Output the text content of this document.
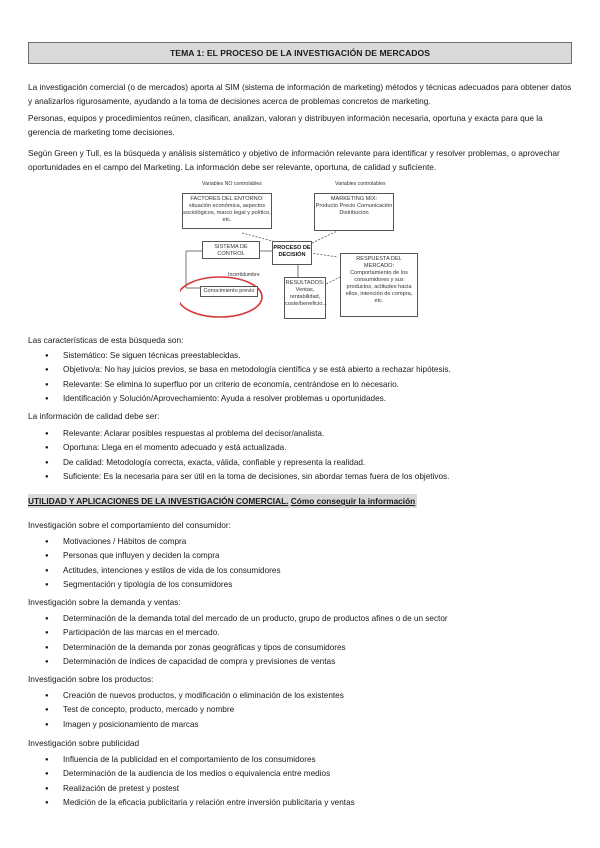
TEMA 1: EL PROCESO DE LA INVESTIGACIÓN DE MERCADOS
La investigación comercial (o de mercados) aporta al SIM (sistema de información de marketing) métodos y técnicas adecuados para obtener datos y analizarlos rigurosamente, ayudando a la toma de decisiones acerca de problemas concretos de marketing.
Personas, equipos y procedimientos reúnen, clasifican, analizan, valoran y distribuyen información necesaria, oportuna y exacta para que la gerencia de marketing tome decisiones.
Según Green y Tull, es la búsqueda y análisis sistemático y objetivo de información relevante para identificar y resolver problemas, o aprovechar oportunidades en el campo del Marketing. La información debe ser relevante, oportuna, de calidad y suficiente.
Variables NO controlables	Variables controlables
FACTORES DEL ENTORNO:
situación económica, aspectos sociológicos, marco legal y político, etc.
MARKETING MIX:
Producto Precio Comunicación Distribución
SISTEMA DE CONTROL
PROCESO DE DECISIÓN
RESPUESTA DEL MERCADO:
Comportamiento de los consumidores y sus productos, actitudes hacia ellos, intención de compra, etc.
Incertidumbre
Conocimiento previo
RESULTADOS:
Ventas, rentabilidad, coste/beneficio...
Las características de esta búsqueda son:
● Sistemático: Se siguen técnicas preestablecidas.
● Objetivo/a: No hay juicios previos, se basa en metodología científica y se está abierto a rechazar hipótesis.
● Relevante: Se elimina lo superfluo por un criterio de economía, centrándose en lo necesario.
● Identificación y Solución/Aprovechamiento: Ayuda a resolver problemas u oportunidades.
La información de calidad debe ser:
● Relevante: Aclarar posibles respuestas al problema del decisor/analista.
● Oportuna: Llega en el momento adecuado y está actualizada.
● De calidad: Metodología correcta, exacta, válida, confiable y representa la realidad.
● Suficiente: Es la necesaria para ser útil en la toma de decisiones, sin abordar temas fuera de los objetivos.
UTILIDAD Y APLICACIONES DE LA INVESTIGACIÓN COMERCIAL. Cómo conseguir la información
Investigación sobre el comportamiento del consumidor:
● Motivaciones / Hábitos de compra
● Personas que influyen y deciden la compra
● Actitudes, intenciones y estilos de vida de los consumidores
● Segmentación y tipología de los consumidores
Investigación sobre la demanda y ventas:
● Determinación de la demanda total del mercado de un producto, grupo de productos afines o de un sector
● Participación de las marcas en el mercado.
● Determinación de la demanda por zonas geográficas y tipos de consumidores
● Determinación de índices de capacidad de compra y previsiones de ventas
Investigación sobre los productos:
● Creación de nuevos productos, y modificación o eliminación de los existentes
● Test de concepto, producto, mercado y nombre
● Imagen y posicionamiento de marcas
Investigación sobre publicidad
● Influencia de la publicidad en el comportamiento de los consumidores
● Determinación de la audiencia de los medios o equivalencia entre medios
● Realización de pretest y postest
● Medición de la eficacia publicitaria y relación entre inversión publicitaria y ventas
